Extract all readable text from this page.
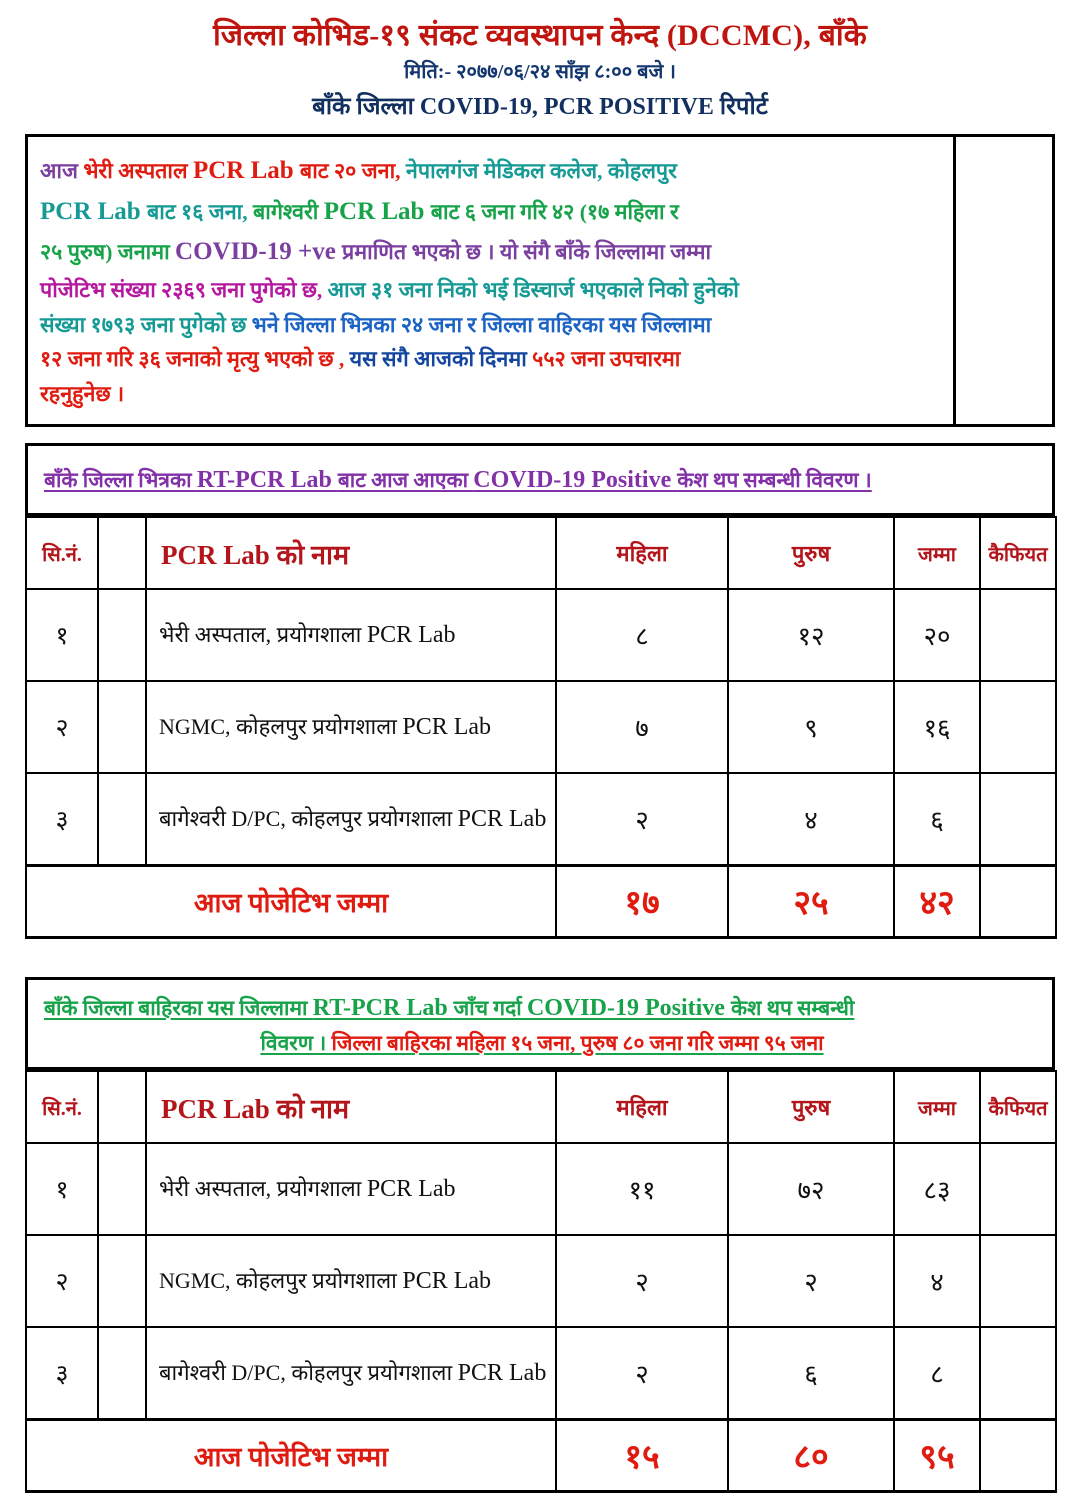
जिल्ला कोभिड-१९ संकट व्यवस्थापन केन्द (DCCMC), बाँके
मिति:- २०७७/०६/२४ साँझ ८:०० बजे ।
बाँके जिल्ला COVID-19, PCR POSITIVE रिपोर्ट
आज भेरी अस्पताल PCR Lab बाट २० जना, नेपालगंज मेडिकल कलेज, कोहलपुर
PCR Lab बाट १६ जना, बागेश्वरी PCR Lab बाट ६ जना गरि ४२ (१७ महिला र
२५ पुरुष) जनामा COVID-19 +ve प्रमाणित भएको छ । यो संगै बाँके जिल्लामा जम्मा
पोजेटिभ संख्या २३६९ जना पुगेको छ, आज ३१ जना निको भई डिस्चार्ज भएकाले निको हुनेको
संख्या १७९३ जना पुगेको छ भने जिल्ला भित्रका २४ जना र जिल्ला वाहिरका यस जिल्लामा
१२ जना गरि ३६ जनाको मृत्यु भएको छ , यस संगै आजको दिनमा ५५२ जना उपचारमा
रहनुहुनेछ ।
बाँके जिल्ला भित्रका RT-PCR Lab बाट आज आएका COVID-19 Positive केश थप सम्बन्धी विवरण ।
सि.नं.		PCR Lab को नाम	महिला	पुरुष	जम्मा	कैफियत
१		भेरी अस्पताल, प्रयोगशाला PCR Lab	८	१२	२०	
२		NGMC, कोहलपुर प्रयोगशाला PCR Lab	७	९	१६	
३		बागेश्वरी D/PC, कोहलपुर प्रयोगशाला PCR Lab	२	४	६	
आज पोजेटिभ जम्मा			१७	२५	४२	
बाँके जिल्ला बाहिरका यस जिल्लामा RT-PCR Lab जाँच गर्दा COVID-19 Positive केश थप सम्बन्धी
विवरण । जिल्ला बाहिरका महिला १५ जना, पुरुष ८० जना गरि जम्मा ९५ जना
सि.नं.		PCR Lab को नाम	महिला	पुरुष	जम्मा	कैफियत
१		भेरी अस्पताल, प्रयोगशाला PCR Lab	११	७२	८३	
२		NGMC, कोहलपुर प्रयोगशाला PCR Lab	२	२	४	
३		बागेश्वरी D/PC, कोहलपुर प्रयोगशाला PCR Lab	२	६	८	
आज पोजेटिभ जम्मा			१५	८०	९५	
